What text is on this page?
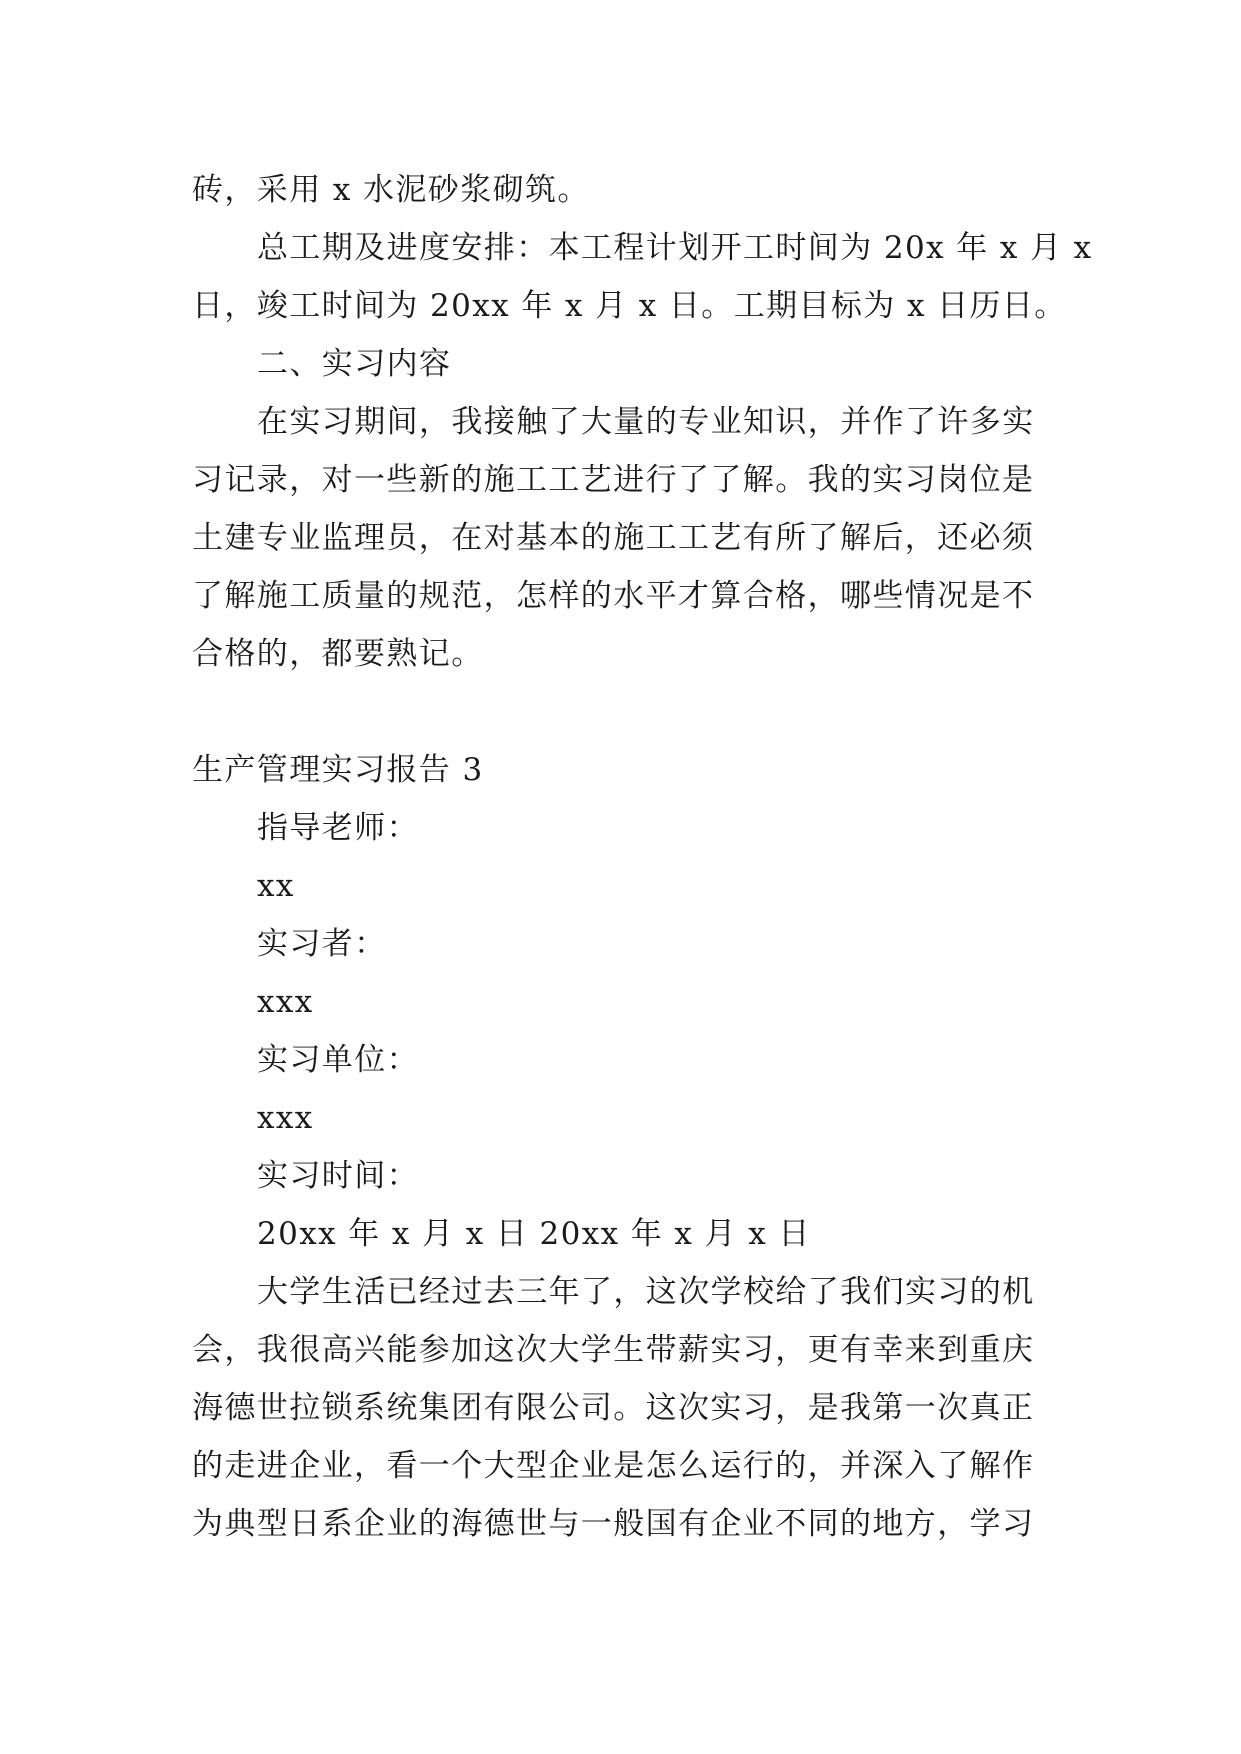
砖，采用 x 水泥砂浆砌筑。
总工期及进度安排：本工程计划开工时间为 20x 年 x 月 x
日，竣工时间为 20xx 年 x 月 x 日。工期目标为 x 日历日。
二、实习内容
在实习期间，我接触了大量的专业知识，并作了许多实
习记录，对一些新的施工工艺进行了了解。我的实习岗位是
土建专业监理员，在对基本的施工工艺有所了解后，还必须
了解施工质量的规范，怎样的水平才算合格，哪些情况是不
合格的，都要熟记。
生产管理实习报告 3
指导老师：
xx
实习者：
xxx
实习单位：
xxx
实习时间：
20xx 年 x 月 x 日 20xx 年 x 月 x 日
大学生活已经过去三年了，这次学校给了我们实习的机
会，我很高兴能参加这次大学生带薪实习，更有幸来到重庆
海德世拉锁系统集团有限公司。这次实习，是我第一次真正
的走进企业，看一个大型企业是怎么运行的，并深入了解作
为典型日系企业的海德世与一般国有企业不同的地方，学习
